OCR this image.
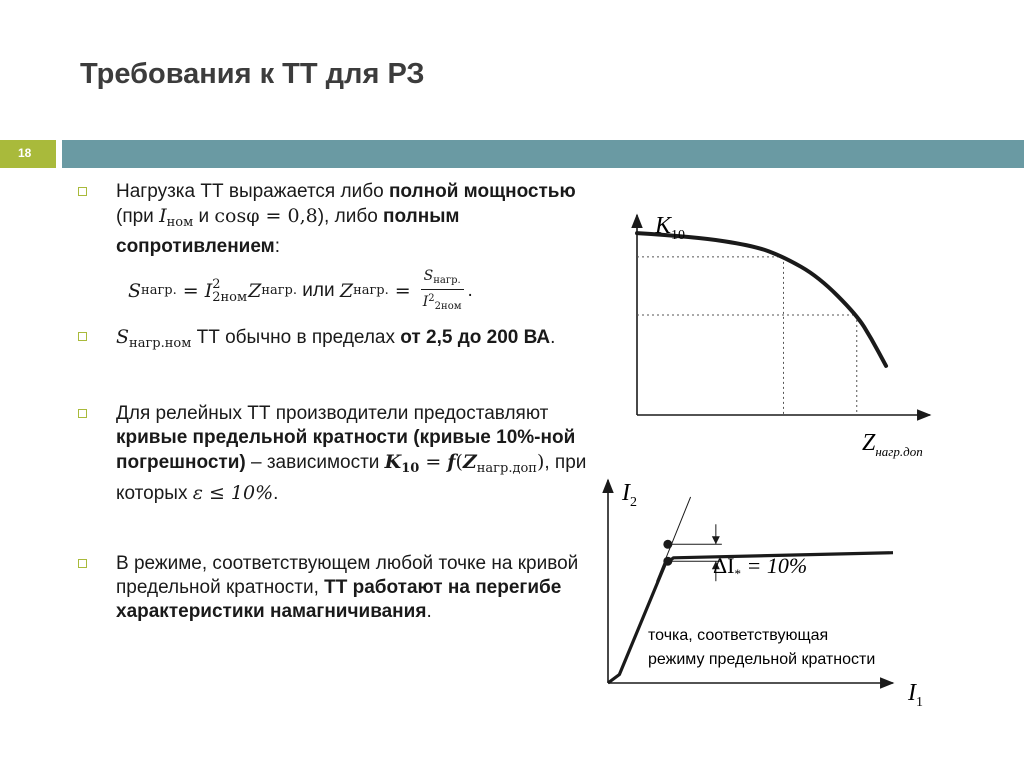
Требования к ТТ для РЗ
18
Нагрузка ТТ выражается либо полной мощностью (при $I_{ном}$ и cosφ = 0,8), либо полным сопротивлением:
S нагр. = I 2
2ном Z нагр. или Z нагр. = $\frac{S_{нагр.}}{I^2_{2ном}}$ .
$S_{нагр.ном}$ ТТ обычно в пределах от 2,5 до 200 ВА.
Для релейных ТТ производители предоставляют кривые предельной кратности (кривые 10%-ной погрешности) – зависимости $K_{10} = f(Z_{нагр.доп})$, при которых ε ≤ 10%.
В режиме, соответствующем любой точке на кривой предельной кратности, ТТ работают на перегибе характеристики намагничивания.
$K_{10}$
$Z_{нагр.доп}$
$I_2$
$I_1$
$\Delta I_* = 10\%$
точка, соответствующая
режиму предельной кратности
